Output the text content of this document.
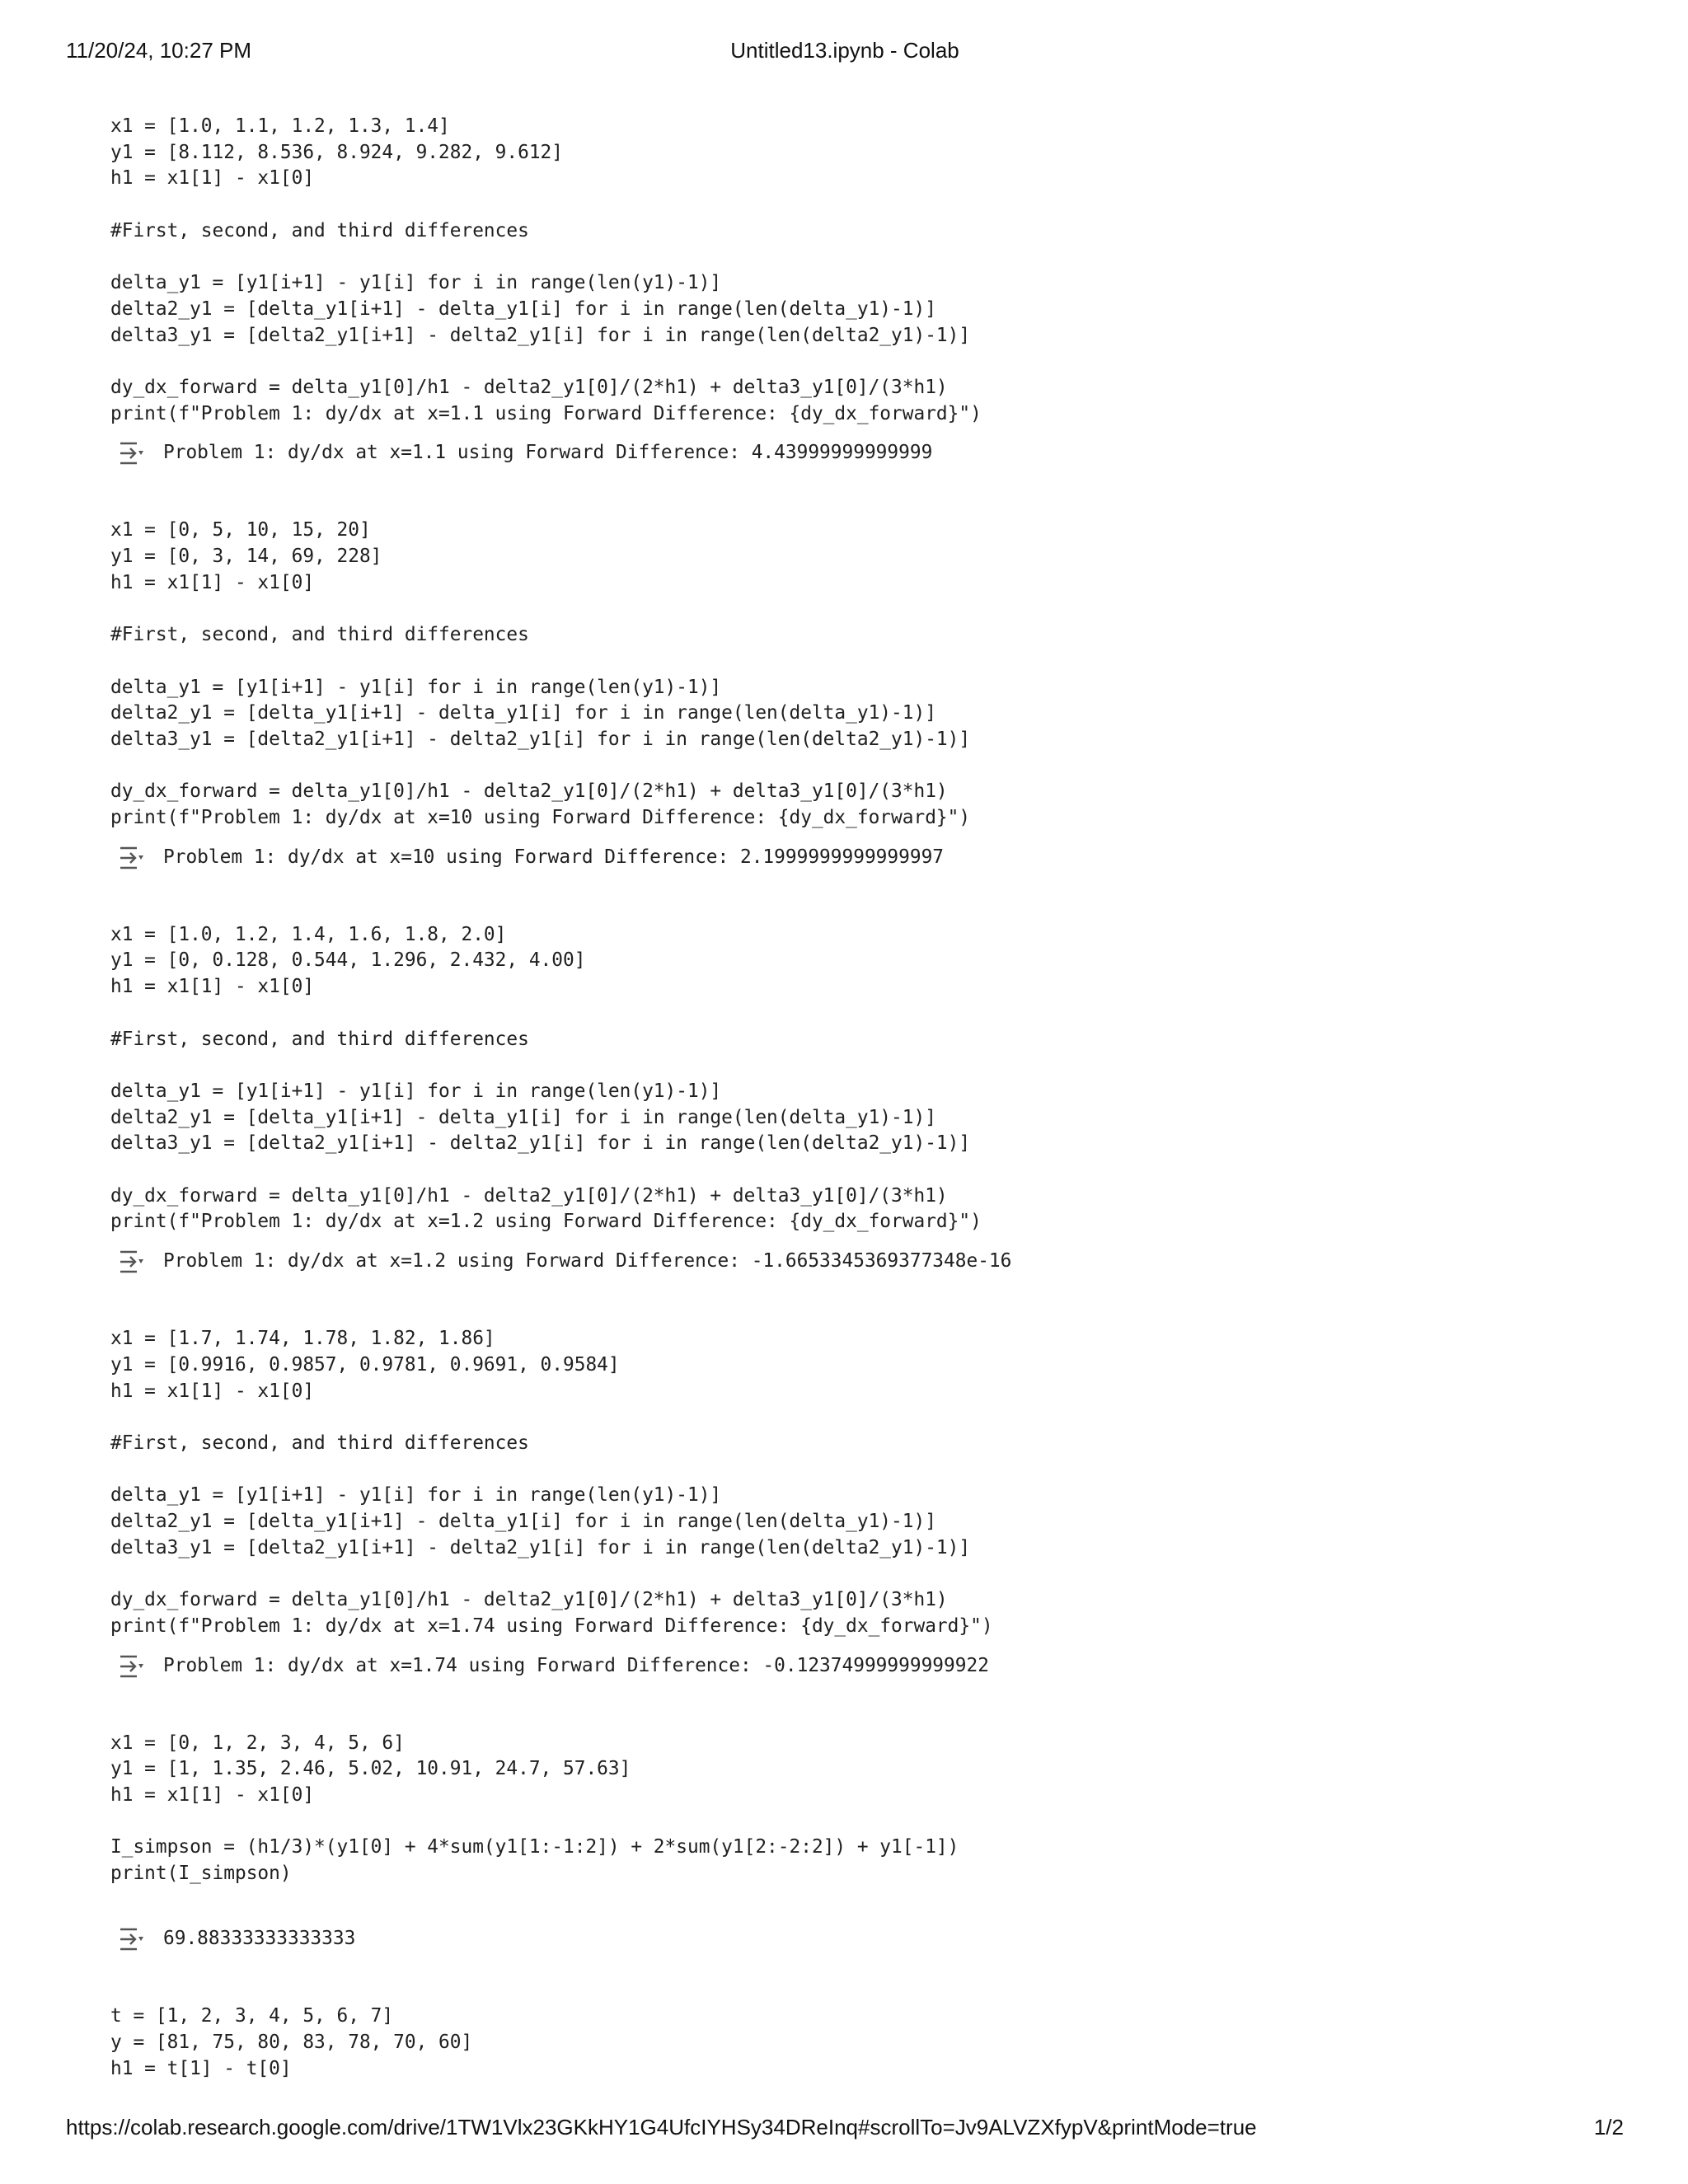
11/20/24, 10:27 PM	Untitled13.ipynb - Colab
x1 = [1.0, 1.1, 1.2, 1.3, 1.4]
y1 = [8.112, 8.536, 8.924, 9.282, 9.612]
h1 = x1[1] - x1[0]
#First, second, and third differences
delta_y1 = [y1[i+1] - y1[i] for i in range(len(y1)-1)]
delta2_y1 = [delta_y1[i+1] - delta_y1[i] for i in range(len(delta_y1)-1)]
delta3_y1 = [delta2_y1[i+1] - delta2_y1[i] for i in range(len(delta2_y1)-1)]
dy_dx_forward = delta_y1[0]/h1 - delta2_y1[0]/(2*h1) + delta3_y1[0]/(3*h1)
print(f"Problem 1: dy/dx at x=1.1 using Forward Difference: {dy_dx_forward}")
Problem 1: dy/dx at x=1.1 using Forward Difference: 4.43999999999999
x1 = [0, 5, 10, 15, 20]
y1 = [0, 3, 14, 69, 228]
h1 = x1[1] - x1[0]
#First, second, and third differences
delta_y1 = [y1[i+1] - y1[i] for i in range(len(y1)-1)]
delta2_y1 = [delta_y1[i+1] - delta_y1[i] for i in range(len(delta_y1)-1)]
delta3_y1 = [delta2_y1[i+1] - delta2_y1[i] for i in range(len(delta2_y1)-1)]
dy_dx_forward = delta_y1[0]/h1 - delta2_y1[0]/(2*h1) + delta3_y1[0]/(3*h1)
print(f"Problem 1: dy/dx at x=10 using Forward Difference: {dy_dx_forward}")
Problem 1: dy/dx at x=10 using Forward Difference: 2.1999999999999997
x1 = [1.0, 1.2, 1.4, 1.6, 1.8, 2.0]
y1 = [0, 0.128, 0.544, 1.296, 2.432, 4.00]
h1 = x1[1] - x1[0]
#First, second, and third differences
delta_y1 = [y1[i+1] - y1[i] for i in range(len(y1)-1)]
delta2_y1 = [delta_y1[i+1] - delta_y1[i] for i in range(len(delta_y1)-1)]
delta3_y1 = [delta2_y1[i+1] - delta2_y1[i] for i in range(len(delta2_y1)-1)]
dy_dx_forward = delta_y1[0]/h1 - delta2_y1[0]/(2*h1) + delta3_y1[0]/(3*h1)
print(f"Problem 1: dy/dx at x=1.2 using Forward Difference: {dy_dx_forward}")
Problem 1: dy/dx at x=1.2 using Forward Difference: -1.6653345369377348e-16
x1 = [1.7, 1.74, 1.78, 1.82, 1.86]
y1 = [0.9916, 0.9857, 0.9781, 0.9691, 0.9584]
h1 = x1[1] - x1[0]
#First, second, and third differences
delta_y1 = [y1[i+1] - y1[i] for i in range(len(y1)-1)]
delta2_y1 = [delta_y1[i+1] - delta_y1[i] for i in range(len(delta_y1)-1)]
delta3_y1 = [delta2_y1[i+1] - delta2_y1[i] for i in range(len(delta2_y1)-1)]
dy_dx_forward = delta_y1[0]/h1 - delta2_y1[0]/(2*h1) + delta3_y1[0]/(3*h1)
print(f"Problem 1: dy/dx at x=1.74 using Forward Difference: {dy_dx_forward}")
Problem 1: dy/dx at x=1.74 using Forward Difference: -0.12374999999999922
x1 = [0, 1, 2, 3, 4, 5, 6]
y1 = [1, 1.35, 2.46, 5.02, 10.91, 24.7, 57.63]
h1 = x1[1] - x1[0]
I_simpson = (h1/3)*(y1[0] + 4*sum(y1[1:-1:2]) + 2*sum(y1[2:-2:2]) + y1[-1])
print(I_simpson)
69.88333333333333
t = [1, 2, 3, 4, 5, 6, 7]
y = [81, 75, 80, 83, 78, 70, 60]
h1 = t[1] - t[0]
https://colab.research.google.com/drive/1TW1Vlx23GKkHY1G4UfcIYHSy34DReInq#scrollTo=Jv9ALVZXfypV&printMode=true	1/2
